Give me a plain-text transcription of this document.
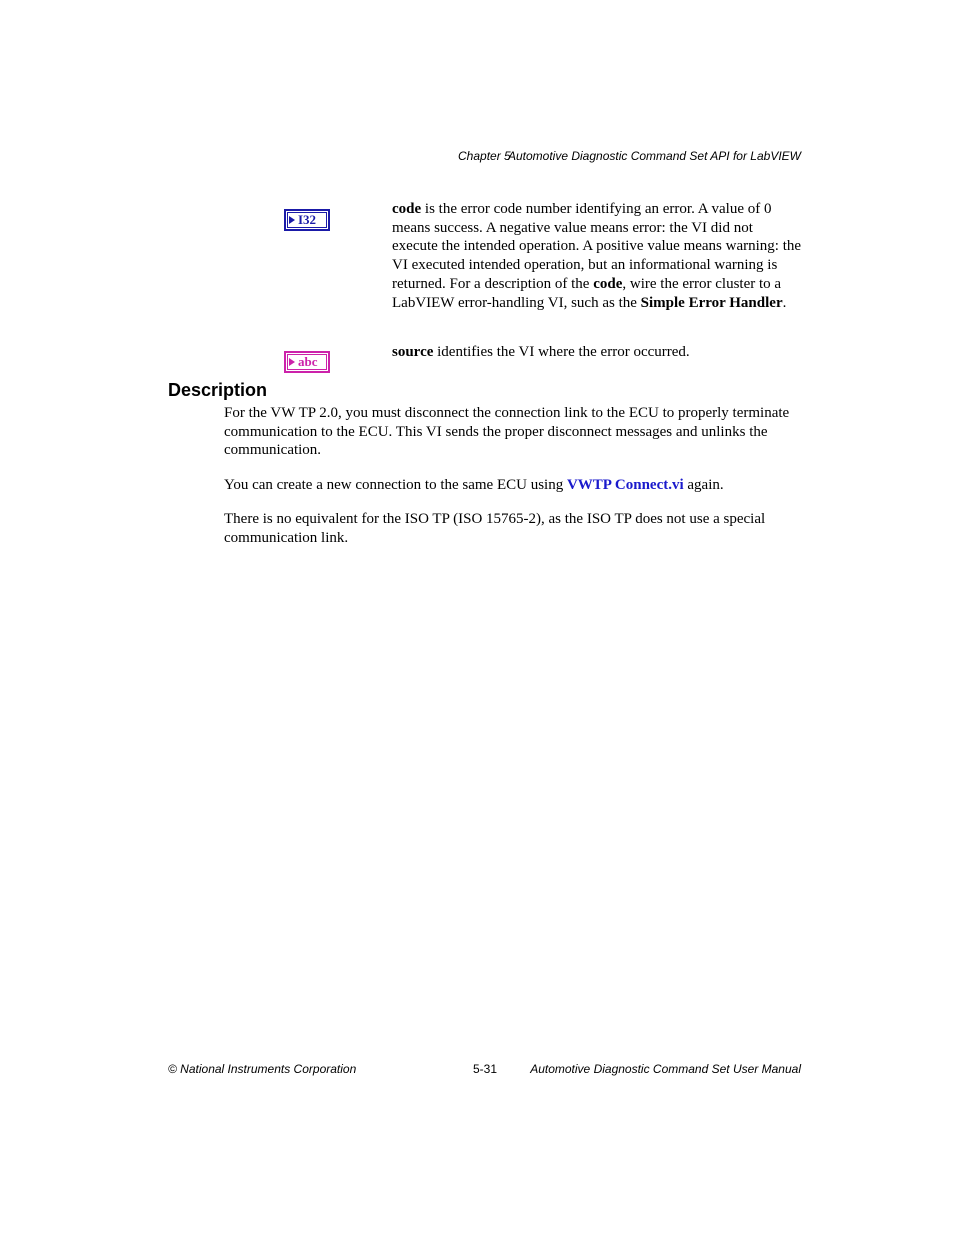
Chapter 5
Automotive Diagnostic Command Set API for LabVIEW
I32
code is the error code number identifying an error. A value of 0 means success. A negative value means error: the VI did not execute the intended operation. A positive value means warning: the VI executed intended operation, but an informational warning is returned. For a description of the code, wire the error cluster to a LabVIEW error-handling VI, such as the Simple Error Handler.
abc
source identifies the VI where the error occurred.
Description

For the VW TP 2.0, you must disconnect the connection link to the ECU to properly terminate communication to the ECU. This VI sends the proper disconnect messages and unlinks the communication.

You can create a new connection to the same ECU using VWTP Connect.vi again.

There is no equivalent for the ISO TP (ISO 15765-2), as the ISO TP does not use a special communication link.

© National Instruments Corporation	5-31	Automotive Diagnostic Command Set User Manual
